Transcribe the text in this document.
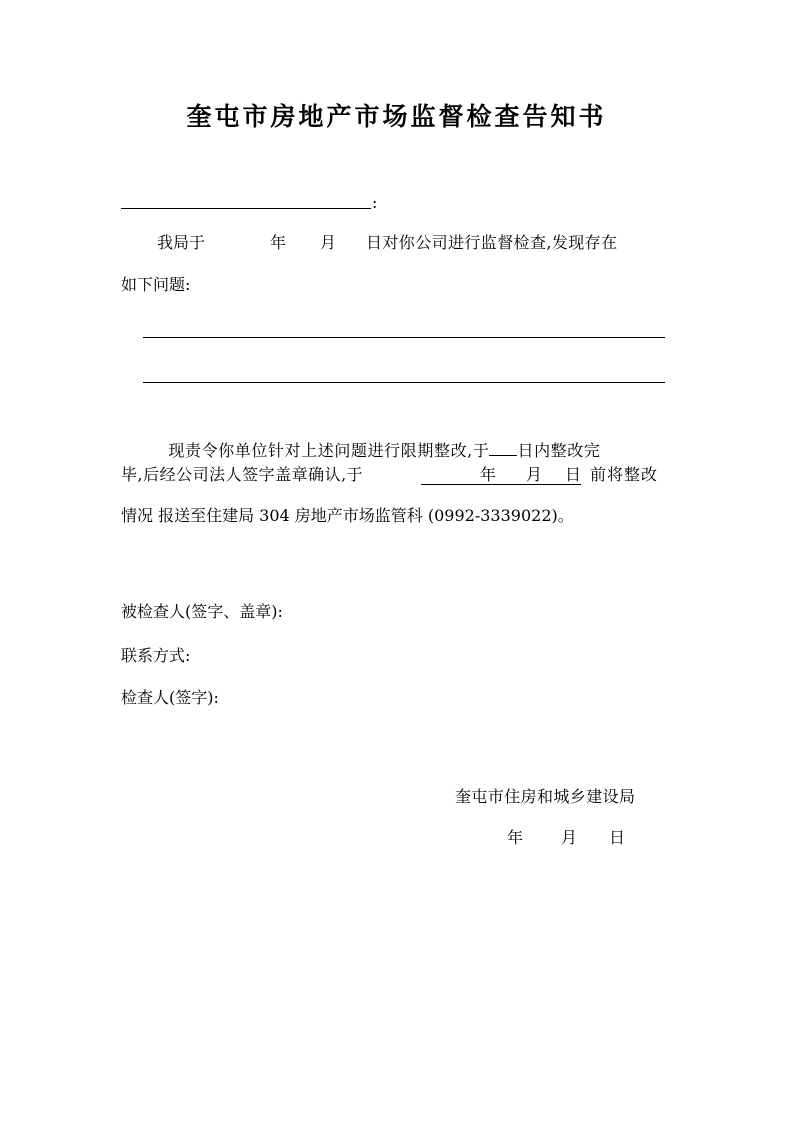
奎屯市房地产市场监督检查告知书
:
我局于	年 月 日对你公司进行监督检查,发现存在
如下问题:

现责令你单位针对上述问题进行限期整改,于 日内整改完

毕,后经公司法人签字盖章确认,于	年 月 日 前将整改
情况 报送至住建局 304 房地产市场监管科 (0992-3339022)。
被检查人(签字、盖章):
联系方式:
检查人(签字):
奎屯市住房和城乡建设局
年 月 日
